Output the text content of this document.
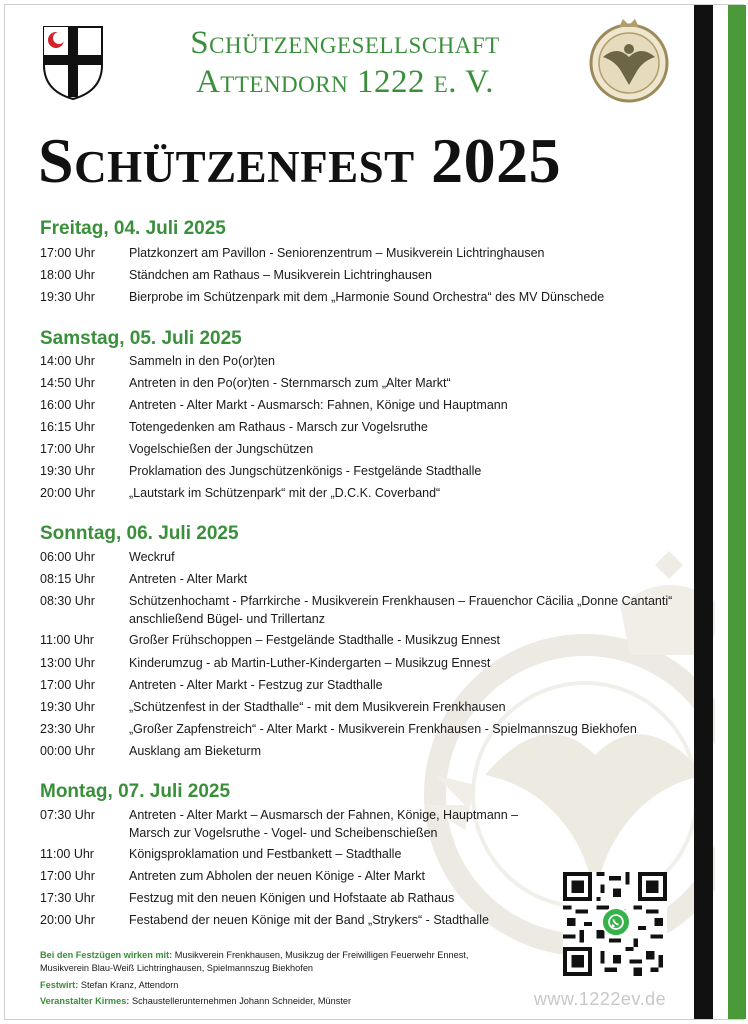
Schützengesellschaft
Attendorn 1222 e. V.
Schützenfest 2025
Freitag, 04. Juli 2025
17:00 Uhr	Platzkonzert am Pavillon - Seniorenzentrum – Musikverein Lichtringhausen
18:00 Uhr	Ständchen am Rathaus – Musikverein Lichtringhausen
19:30 Uhr	Bierprobe im Schützenpark mit dem „Harmonie Sound Orchestra“ des MV Dünschede
Samstag, 05. Juli 2025
14:00 Uhr	Sammeln in den Po(or)ten
14:50 Uhr	Antreten in den Po(or)ten - Sternmarsch zum „Alter Markt“
16:00 Uhr	Antreten - Alter Markt - Ausmarsch: Fahnen, Könige und Hauptmann
16:15 Uhr	Totengedenken am Rathaus - Marsch zur Vogelsruthe
17:00 Uhr	Vogelschießen der Jungschützen
19:30 Uhr	Proklamation des Jungschützenkönigs - Festgelände Stadthalle
20:00 Uhr	„Lautstark im Schützenpark“ mit der „D.C.K. Coverband“
Sonntag, 06. Juli 2025
06:00 Uhr	Weckruf
08:15 Uhr	Antreten - Alter Markt
08:30 Uhr	Schützenhochamt - Pfarrkirche - Musikverein Frenkhausen – Frauenchor Cäcilia „Donne Cantanti“
anschließend Bügel- und Trillertanz
11:00 Uhr	Großer Frühschoppen – Festgelände Stadthalle - Musikzug Ennest
13:00 Uhr	Kinderumzug - ab Martin-Luther-Kindergarten – Musikzug Ennest
17:00 Uhr	Antreten - Alter Markt - Festzug zur Stadthalle
19:30 Uhr	„Schützenfest in der Stadthalle“ - mit dem Musikverein Frenkhausen
23:30 Uhr	„Großer Zapfenstreich“ - Alter Markt - Musikverein Frenkhausen - Spielmannszug Biekhofen
00:00 Uhr	Ausklang am Bieketurm
Montag, 07. Juli 2025
07:30 Uhr	Antreten - Alter Markt – Ausmarsch der Fahnen, Könige, Hauptmann –
Marsch zur Vogelsruthe - Vogel- und Scheibenschießen
11:00 Uhr	Königsproklamation und Festbankett – Stadthalle
17:00 Uhr	Antreten zum Abholen der neuen Könige - Alter Markt
17:30 Uhr	Festzug mit den neuen Königen und Hofstaate ab Rathaus
20:00 Uhr	Festabend der neuen Könige mit der Band „Strykers“ - Stadthalle
Bei den Festzügen wirken mit: Musikverein Frenkhausen, Musikzug der Freiwilligen Feuerwehr Ennest,
Musikverein Blau-Weiß Lichtringhausen, Spielmannszug Biekhofen
Festwirt: Stefan Kranz, Attendorn
Veranstalter Kirmes: Schaustellerunternehmen Johann Schneider, Münster	www.1222ev.de
